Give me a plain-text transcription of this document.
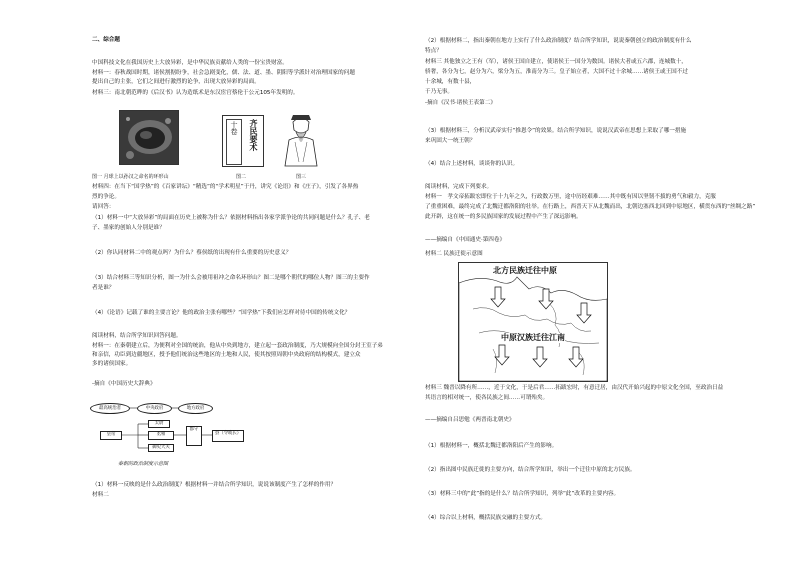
二、综合题
中国科技文化在我国历史上大放异彩，是中华民族贡献给人类的一份宝贵财富。
材料一：春秋战国时期，诸侯割据纷争，社会急剧变化，儒、法、道、墨、阴阳等学派针对治理国家的问题
提出自己的主张，它们之间进行激烈的论争，出现大放异彩的局面。
材料三：南北朝范晔的《后汉书》认为造纸术是东汉宦官蔡伦于公元105年发明的。
十卷	齐民要术
图一 月球上以孙汉之命名的环形山	图二	图三
材料四：在当下“国学热”的《百家讲坛》“精选”的“学术明星”于丹，讲究《论语》和《庄子》，引发了各界热
烈的争论。
请回答：
（1）材料一中“大放异彩”的局面在历史上被称为什么？依据材料指出各家学派争论的共同问题是什么？孔子、老
子、墨家的创始人分别是谁？
（2）你认同材料二中的观点吗？为什么？蔡侯纸的出现有什么重要的历史意义？
（3）结合材料三等知识分析，图一为什么会被用祖冲之命名环形山？图二是哪个朝代的哪位人物？图三的主要作
者是谁？
（4）《论语》记载了谁的主要言论？他的政治主张有哪些？“国学热”下我们应怎样对待中国的传统文化？
阅读材料，结合所学知识回答问题。
材料一：在秦朝建立后，为便利对全国的统治，他从中央到地方，建立起一套政治制度，乃大规模向全国分封王室子弟
和亲信，功臣到边疆地区，授予他们统治这些地区的土地和人民，使其按照周朝中央政府的结构模式，建立众
多的诸侯国家。
-摘自《中国历史大辞典》
最高统治者	中央政府	地方政府
皇帝
太尉
丞相
御史大夫
郡守
县（令或长）
秦朝的政治制度示意图
（1）材料一反映的是什么政治制度？根据材料一并结合所学知识，说说该制度产生了怎样的作用？
材料二
（2）根据材料二，指出秦朝在地方上实行了什么政治制度？结合所学知识，说说秦朝创立的政治制度有什么
特点？
材料三 其他独立之王有（军），诸侯王国自建立，使诸侯王一国分为数国。诸侯大者或五六郡，连城数十，
骄奢，各分为七，赵分为六，梁分为五，淮南分为三。皇子始立者，大国不过十余城……诸侯王或王国不过
十余城，有数十县，
千乃无事。
-摘自《汉书·诸侯王表第二》
（3）根据材料三，分析汉武帝实行“推恩令”的效果。结合所学知识，说说汉武帝在思想上采取了哪一措施
来巩固大一统王朝？
（4）结合上述材料，谈谈你的认识。
阅读材料，完成下列要求。
材料一　孝文帝拓跋宏即位于十九年之久，行政数万里，途中历经艰难……其中既有因以坚韧不拔的勇气和毅力，克服
了重重困难，最终完成了北魏迁都洛阳的壮举。在行路上，西晋天下从北魏而出，北朝边塞西北回到中原地区，横贯东西的“丝绸之路”
此开辟，这在统一的多民族国家的发展过程中产生了深远影响。
——摘编自《中国通史·第四卷》
材料二 民族迁徙示意图
北方民族迁往中原
中原汉族迁往江南
材料三 魏晋以降有所……，近于文化，于是后君……拓跋宏时，有意迁居，由汉代开始兴起的中原文化全国，至政治日益
其语言的相对统一，使各民族之间……可谓殆矣。
——摘编自吕思勉《两晋南北朝史》
（1）根据材料一，概括北魏迁都洛阳后产生的影响。
（2）指出图中民族迁徙的主要方向，结合所学知识，举出一个迁往中原的北方民族。
（3）材料三中的“此”指的是什么？结合所学知识，列举“此”改革的主要内容。
（4）综合以上材料，概括民族交融的主要方式。
